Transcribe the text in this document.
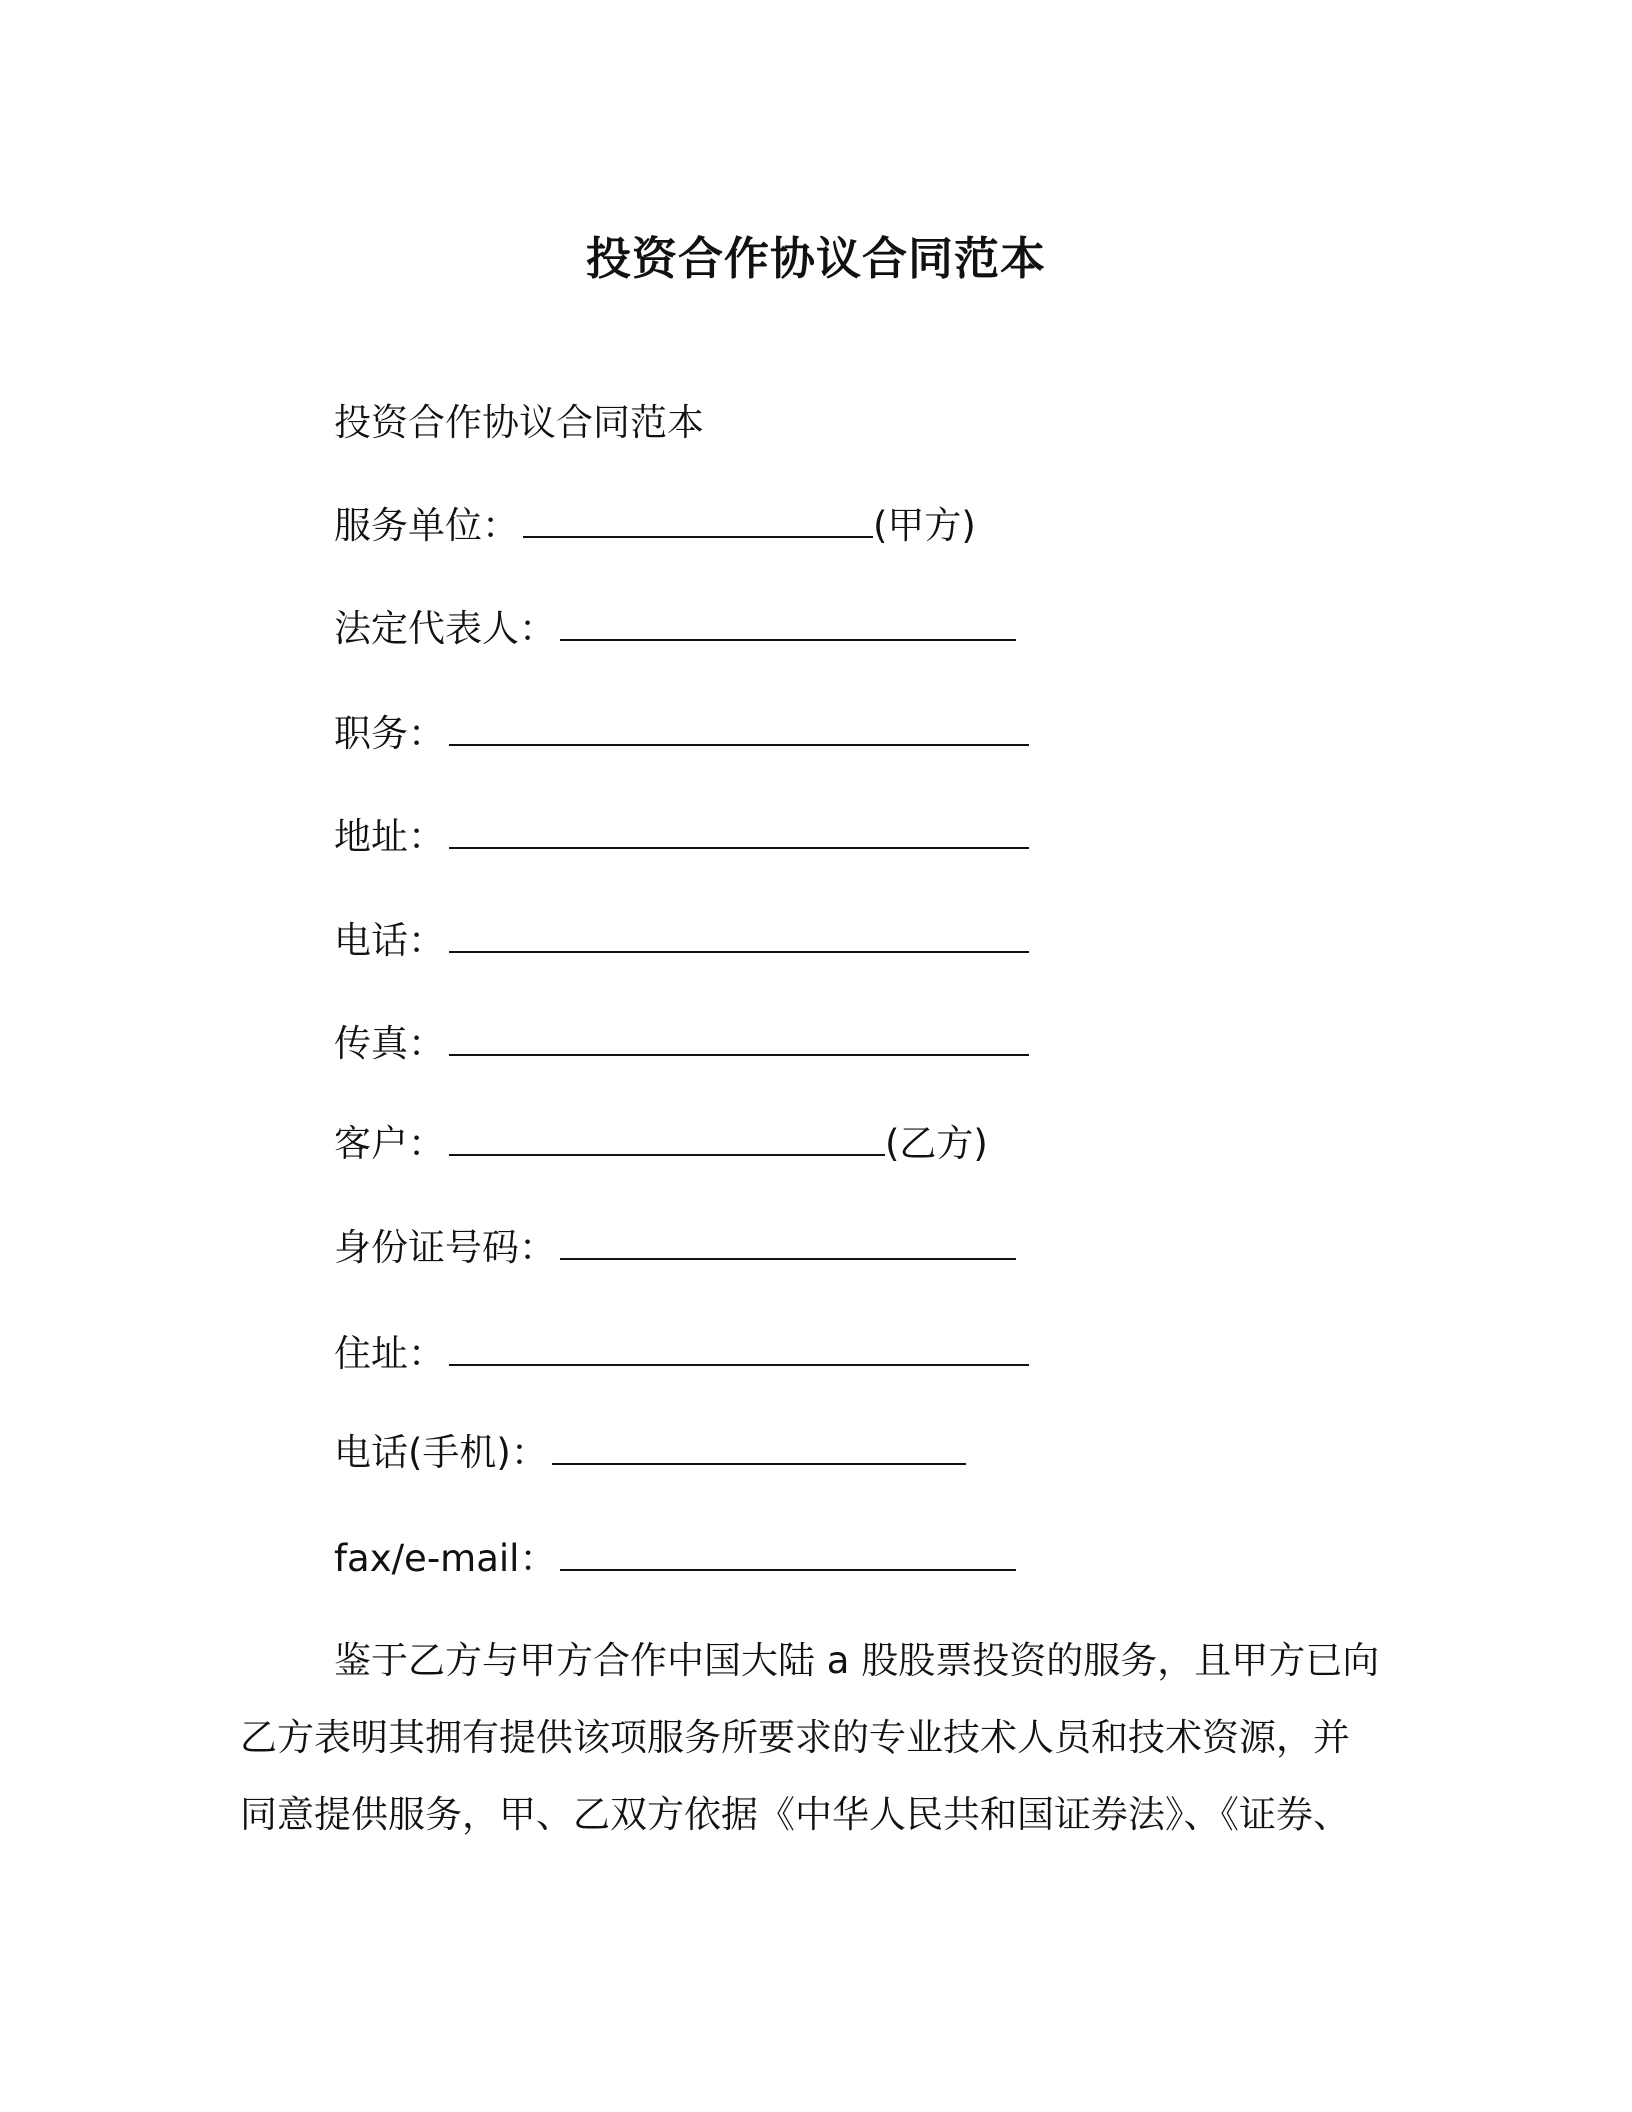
投资合作协议合同范本
投资合作协议合同范本
服务单位：	(甲方)
法定代表人：
职务：
地址：
电话：
传真：
客户：	(乙方)
身份证号码：
住址：
电话(手机)：
fax/e-mail：
鉴于乙方与甲方合作中国大陆 a 股股票投资的服务，且甲方已向
乙方表明其拥有提供该项服务所要求的专业技术人员和技术资源，并
同意提供服务，甲、乙双方依据《中华人民共和国证券法》、《证券、
